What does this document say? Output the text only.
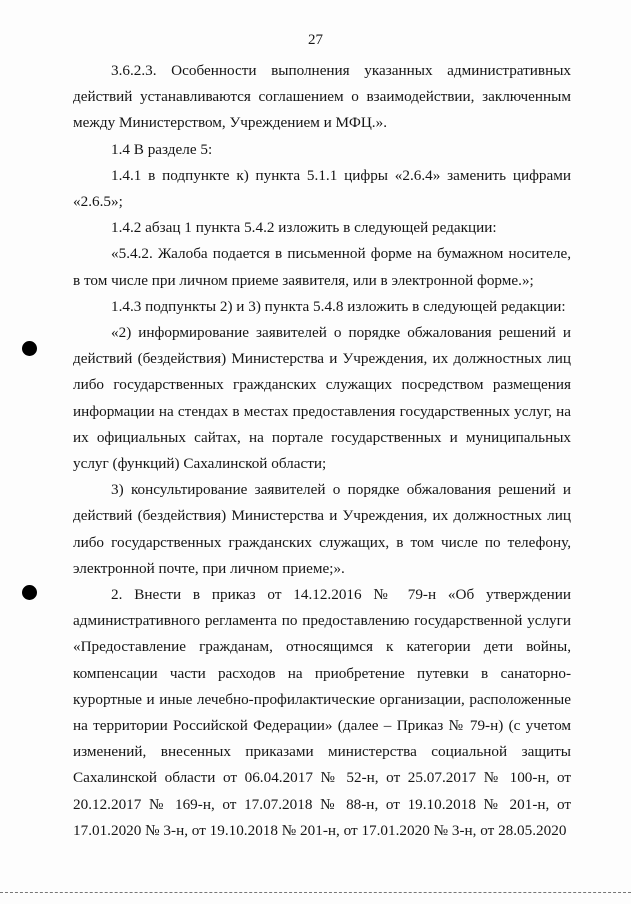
27

3.6.2.3. Особенности выполнения указанных административных действий устанавливаются соглашением о взаимодействии, заключенным между Министерством, Учреждением и МФЦ.».

1.4 В разделе 5:

1.4.1 в подпункте к) пункта 5.1.1 цифры «2.6.4» заменить цифрами «2.6.5»;

1.4.2 абзац 1 пункта 5.4.2 изложить в следующей редакции:

«5.4.2. Жалоба подается в письменной форме на бумажном носителе, в том числе при личном приеме заявителя, или в электронной форме.»;

1.4.3 подпункты 2) и 3) пункта 5.4.8 изложить в следующей редакции:

«2) информирование заявителей о порядке обжалования решений и действий (бездействия) Министерства и Учреждения, их должностных лиц либо государственных гражданских служащих посредством размещения информации на стендах в местах предоставления государственных услуг, на их официальных сайтах, на портале государственных и муниципальных услуг (функций) Сахалинской области;

3) консультирование заявителей о порядке обжалования решений и действий (бездействия) Министерства и Учреждения, их должностных лиц либо государственных гражданских служащих, в том числе по телефону, электронной почте, при личном приеме;».

2. Внести в приказ от 14.12.2016 № 79-н «Об утверждении административного регламента по предоставлению государственной услуги «Предоставление гражданам, относящимся к категории дети войны, компенсации части расходов на приобретение путевки в санаторно-курортные и иные лечебно-профилактические организации, расположенные на территории Российской Федерации» (далее – Приказ № 79-н) (с учетом изменений, внесенных приказами министерства социальной защиты Сахалинской области от 06.04.2017 № 52-н, от 25.07.2017 № 100-н, от 20.12.2017 № 169-н, от 17.07.2018 № 88-н, от 19.10.2018 № 201-н, от 17.01.2020 № 3-н, от 19.10.2018 № 201-н, от 17.01.2020 № 3-н, от 28.05.2020
